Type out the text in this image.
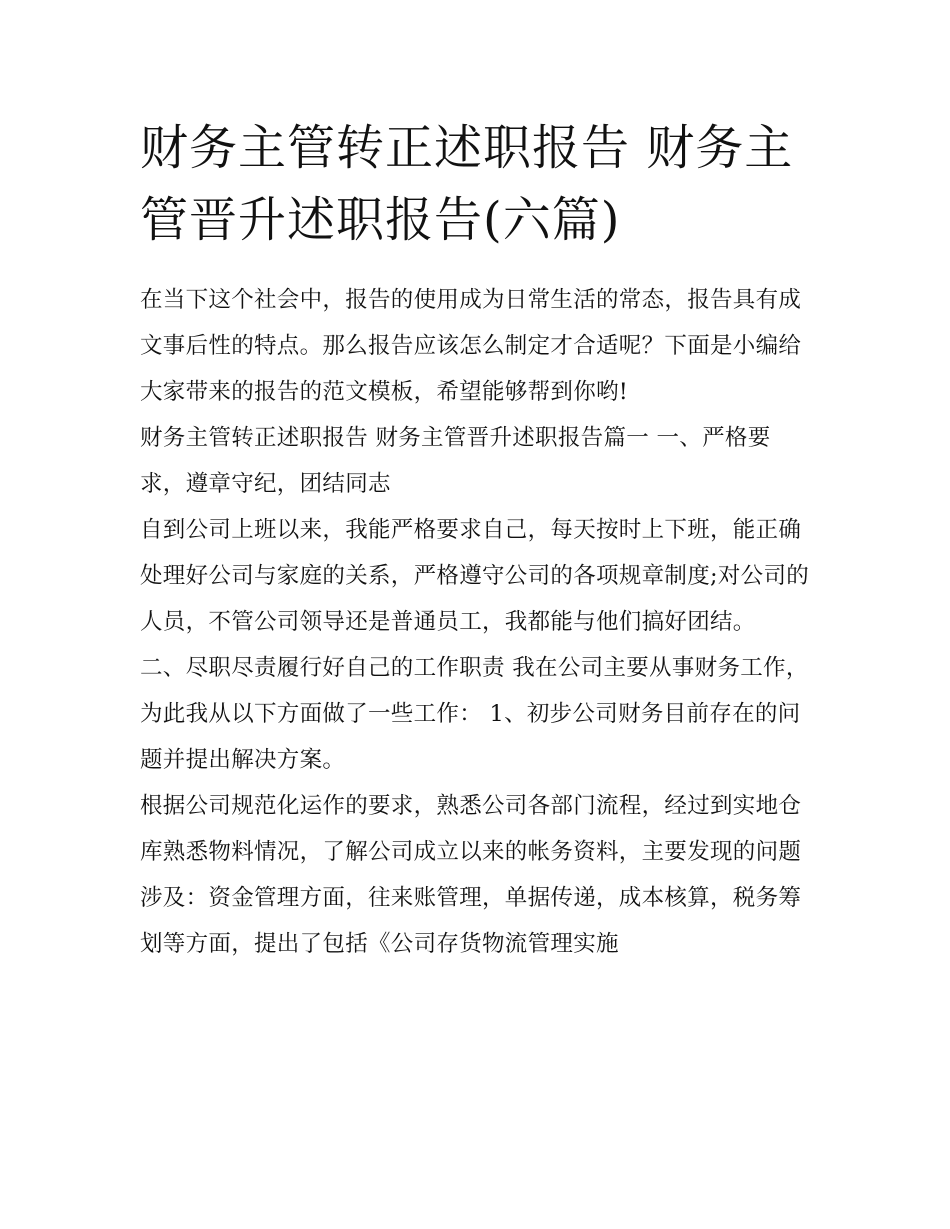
财务主管转正述职报告 财务主管晋升述职报告(六篇)

在当下这个社会中，报告的使用成为日常生活的常态，报告具有成文事后性的特点。那么报告应该怎么制定才合适呢？下面是小编给大家带来的报告的范文模板，希望能够帮到你哟!

财务主管转正述职报告 财务主管晋升述职报告篇一 一、严格要求，遵章守纪，团结同志

自到公司上班以来，我能严格要求自己，每天按时上下班，能正确处理好公司与家庭的关系，严格遵守公司的各项规章制度;对公司的人员，不管公司领导还是普通员工，我都能与他们搞好团结。

二、尽职尽责履行好自己的工作职责 我在公司主要从事财务工作，为此我从以下方面做了一些工作： 1、初步公司财务目前存在的问题并提出解决方案。

根据公司规范化运作的要求，熟悉公司各部门流程，经过到实地仓库熟悉物料情况，了解公司成立以来的帐务资料，主要发现的问题涉及：资金管理方面，往来账管理，单据传递，成本核算，税务筹划等方面，提出了包括《公司存货物流管理实施
